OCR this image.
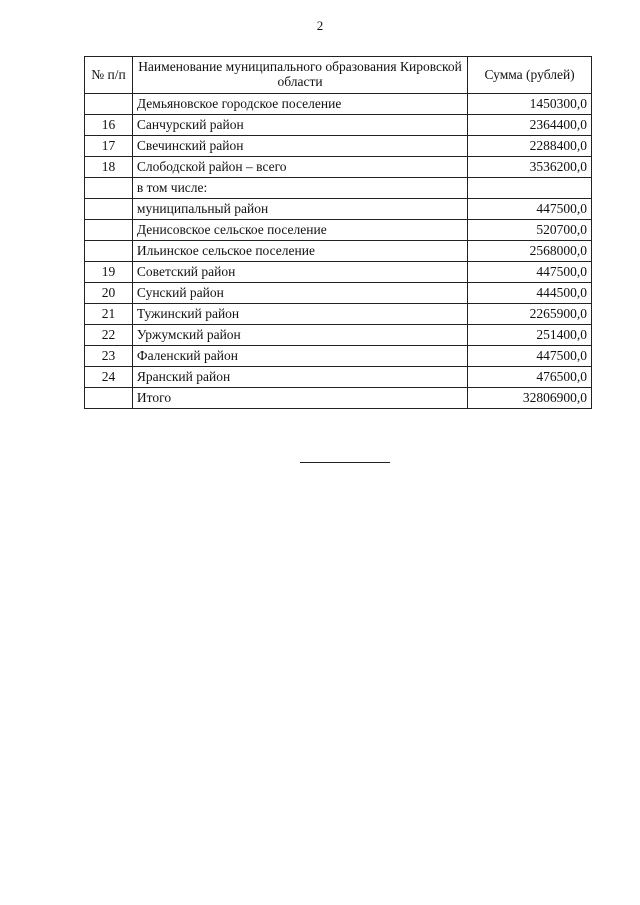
2
№ п/п	Наименование муниципального образования Кировской области	Сумма (рублей)
	Демьяновское городское поселение	1450300,0
16	Санчурский район	2364400,0
17	Свечинский район	2288400,0
18	Слободской район – всего	3536200,0
	в том числе:	
	муниципальный район	447500,0
	Денисовское сельское поселение	520700,0
	Ильинское сельское поселение	2568000,0
19	Советский район	447500,0
20	Сунский район	444500,0
21	Тужинский район	2265900,0
22	Уржумский район	251400,0
23	Фаленский район	447500,0
24	Яранский район	476500,0
	Итого	32806900,0
